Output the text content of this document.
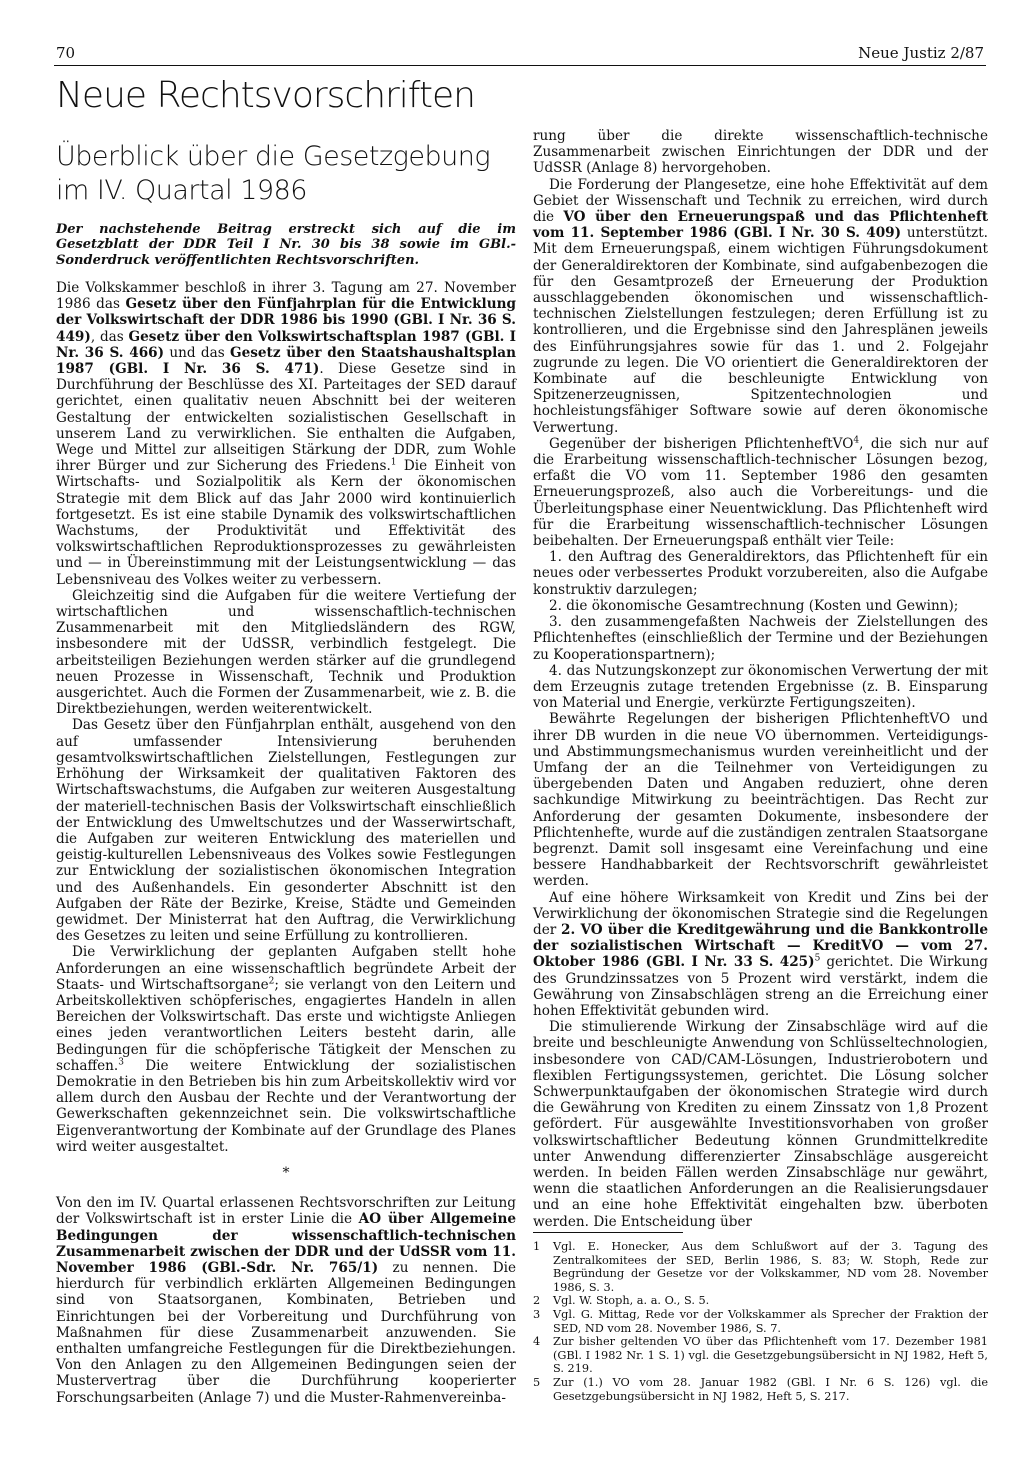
70	Neue Justiz 2/87
Neue Rechtsvorschriften
Überblick über die Gesetzgebung
im IV. Quartal 1986

Der nachstehende Beitrag erstreckt sich auf die im Gesetzblatt der DDR Teil I Nr. 30 bis 38 sowie im GBl.-Sonderdruck veröffentlichten Rechtsvorschriften.

Die Volkskammer beschloß in ihrer 3. Tagung am 27. November 1986 das Gesetz über den Fünfjahrplan für die Entwicklung der Volkswirtschaft der DDR 1986 bis 1990 (GBl. I Nr. 36 S. 449), das Gesetz über den Volkswirtschaftsplan 1987 (GBl. I Nr. 36 S. 466) und das Gesetz über den Staatshaushaltsplan 1987 (GBl. I Nr. 36 S. 471). Diese Gesetze sind in Durchführung der Beschlüsse des XI. Parteitages der SED darauf gerichtet, einen qualitativ neuen Abschnitt bei der weiteren Gestaltung der entwickelten sozialistischen Gesellschaft in unserem Land zu verwirklichen. Sie enthalten die Aufgaben, Wege und Mittel zur allseitigen Stärkung der DDR, zum Wohle ihrer Bürger und zur Sicherung des Friedens.$^1$ Die Einheit von Wirtschafts- und Sozialpolitik als Kern der ökonomischen Strategie mit dem Blick auf das Jahr 2000 wird kontinuierlich fortgesetzt. Es ist eine stabile Dynamik des volkswirtschaftlichen Wachstums, der Produktivität und Effektivität des volkswirtschaftlichen Reproduktionsprozesses zu gewährleisten und — in Übereinstimmung mit der Leistungsentwicklung — das Lebensniveau des Volkes weiter zu verbessern.

Gleichzeitig sind die Aufgaben für die weitere Vertiefung der wirtschaftlichen und wissenschaftlich-technischen Zusammenarbeit mit den Mitgliedsländern des RGW, insbesondere mit der UdSSR, verbindlich festgelegt. Die arbeitsteiligen Beziehungen werden stärker auf die grundlegend neuen Prozesse in Wissenschaft, Technik und Produktion ausgerichtet. Auch die Formen der Zusammenarbeit, wie z. B. die Direktbeziehungen, werden weiterentwickelt.

Das Gesetz über den Fünfjahrplan enthält, ausgehend von den auf umfassender Intensivierung beruhenden gesamtvolkswirtschaftlichen Zielstellungen, Festlegungen zur Erhöhung der Wirksamkeit der qualitativen Faktoren des Wirtschaftswachstums, die Aufgaben zur weiteren Ausgestaltung der materiell-technischen Basis der Volkswirtschaft einschließlich der Entwicklung des Umweltschutzes und der Wasserwirtschaft, die Aufgaben zur weiteren Entwicklung des materiellen und geistig-kulturellen Lebensniveaus des Volkes sowie Festlegungen zur Entwicklung der sozialistischen ökonomischen Integration und des Außenhandels. Ein gesonderter Abschnitt ist den Aufgaben der Räte der Bezirke, Kreise, Städte und Gemeinden gewidmet. Der Ministerrat hat den Auftrag, die Verwirklichung des Gesetzes zu leiten und seine Erfüllung zu kontrollieren.

Die Verwirklichung der geplanten Aufgaben stellt hohe Anforderungen an eine wissenschaftlich begründete Arbeit der Staats- und Wirtschaftsorgane$^2$; sie verlangt von den Leitern und Arbeitskollektiven schöpferisches, engagiertes Handeln in allen Bereichen der Volkswirtschaft. Das erste und wichtigste Anliegen eines jeden verantwortlichen Leiters besteht darin, alle Bedingungen für die schöpferische Tätigkeit der Menschen zu schaffen.$^3$ Die weitere Entwicklung der sozialistischen Demokratie in den Betrieben bis hin zum Arbeitskollektiv wird vor allem durch den Ausbau der Rechte und der Verantwortung der Gewerkschaften gekennzeichnet sein. Die volkswirtschaftliche Eigenverantwortung der Kombinate auf der Grundlage des Planes wird weiter ausgestaltet.

*

Von den im IV. Quartal erlassenen Rechtsvorschriften zur Leitung der Volkswirtschaft ist in erster Linie die AO über Allgemeine Bedingungen der wissenschaftlich-technischen Zusammenarbeit zwischen der DDR und der UdSSR vom 11. November 1986 (GBl.-Sdr. Nr. 765/1) zu nennen. Die hierdurch für verbindlich erklärten Allgemeinen Bedingungen sind von Staatsorganen, Kombinaten, Betrieben und Einrichtungen bei der Vorbereitung und Durchführung von Maßnahmen für diese Zusammenarbeit anzuwenden. Sie enthalten umfangreiche Festlegungen für die Direktbeziehungen. Von den Anlagen zu den Allgemeinen Bedingungen seien der Mustervertrag über die Durchführung kooperierter Forschungsarbeiten (Anlage 7) und die Muster-Rahmenvereinba-

rung über die direkte wissenschaftlich-technische Zusammenarbeit zwischen Einrichtungen der DDR und der UdSSR (Anlage 8) hervorgehoben.

Die Forderung der Plangesetze, eine hohe Effektivität auf dem Gebiet der Wissenschaft und Technik zu erreichen, wird durch die VO über den Erneuerungspaß und das Pflichtenheft vom 11. September 1986 (GBl. I Nr. 30 S. 409) unterstützt. Mit dem Erneuerungspaß, einem wichtigen Führungsdokument der Generaldirektoren der Kombinate, sind aufgabenbezogen die für den Gesamtprozeß der Erneuerung der Produktion ausschlaggebenden ökonomischen und wissenschaftlich-technischen Zielstellungen festzulegen; deren Erfüllung ist zu kontrollieren, und die Ergebnisse sind den Jahresplänen jeweils des Einführungsjahres sowie für das 1. und 2. Folgejahr zugrunde zu legen. Die VO orientiert die Generaldirektoren der Kombinate auf die beschleunigte Entwicklung von Spitzenerzeugnissen, Spitzentechnologien und hochleistungsfähiger Software sowie auf deren ökonomische Verwertung.

Gegenüber der bisherigen PflichtenheftVO$^4$, die sich nur auf die Erarbeitung wissenschaftlich-technischer Lösungen bezog, erfaßt die VO vom 11. September 1986 den gesamten Erneuerungsprozeß, also auch die Vorbereitungs- und die Überleitungsphase einer Neuentwicklung. Das Pflichtenheft wird für die Erarbeitung wissenschaftlich-technischer Lösungen beibehalten. Der Erneuerungspaß enthält vier Teile:

1. den Auftrag des Generaldirektors, das Pflichtenheft für ein neues oder verbessertes Produkt vorzubereiten, also die Aufgabe konstruktiv darzulegen;

2. die ökonomische Gesamtrechnung (Kosten und Gewinn);

3. den zusammengefaßten Nachweis der Zielstellungen des Pflichtenheftes (einschließlich der Termine und der Beziehungen zu Kooperationspartnern);

4. das Nutzungskonzept zur ökonomischen Verwertung der mit dem Erzeugnis zutage tretenden Ergebnisse (z. B. Einsparung von Material und Energie, verkürzte Fertigungszeiten).

Bewährte Regelungen der bisherigen PflichtenheftVO und ihrer DB wurden in die neue VO übernommen. Verteidigungs- und Abstimmungsmechanismus wurden vereinheitlicht und der Umfang der an die Teilnehmer von Verteidigungen zu übergebenden Daten und Angaben reduziert, ohne deren sachkundige Mitwirkung zu beeinträchtigen. Das Recht zur Anforderung der gesamten Dokumente, insbesondere der Pflichtenhefte, wurde auf die zuständigen zentralen Staatsorgane begrenzt. Damit soll insgesamt eine Vereinfachung und eine bessere Handhabbarkeit der Rechtsvorschrift gewährleistet werden.

Auf eine höhere Wirksamkeit von Kredit und Zins bei der Verwirklichung der ökonomischen Strategie sind die Regelungen der 2. VO über die Kreditgewährung und die Bankkontrolle der sozialistischen Wirtschaft — KreditVO — vom 27. Oktober 1986 (GBl. I Nr. 33 S. 425)$^5$ gerichtet. Die Wirkung des Grundzinssatzes von 5 Prozent wird verstärkt, indem die Gewährung von Zinsabschlägen streng an die Erreichung einer hohen Effektivität gebunden wird.

Die stimulierende Wirkung der Zinsabschläge wird auf die breite und beschleunigte Anwendung von Schlüsseltechnologien, insbesondere von CAD/CAM-Lösungen, Industrierobotern und flexiblen Fertigungssystemen, gerichtet. Die Lösung solcher Schwerpunktaufgaben der ökonomischen Strategie wird durch die Gewährung von Krediten zu einem Zinssatz von 1,8 Prozent gefördert. Für ausgewählte Investitionsvorhaben von großer volkswirtschaftlicher Bedeutung können Grundmittelkredite unter Anwendung differenzierter Zinsabschläge ausgereicht werden. In beiden Fällen werden Zinsabschläge nur gewährt, wenn die staatlichen Anforderungen an die Realisierungsdauer und an eine hohe Effektivität eingehalten bzw. überboten werden. Die Entscheidung über

1	Vgl. E. Honecker, Aus dem Schlußwort auf der 3. Tagung des Zentralkomitees der SED, Berlin 1986, S. 83; W. Stoph, Rede zur Begründung der Gesetze vor der Volkskammer, ND vom 28. November 1986, S. 3.
2	Vgl. W. Stoph, a. a. O., S. 5.
3	Vgl. G. Mittag, Rede vor der Volkskammer als Sprecher der Fraktion der SED, ND vom 28. November 1986, S. 7.
4	Zur bisher geltenden VO über das Pflichtenheft vom 17. Dezember 1981 (GBl. I 1982 Nr. 1 S. 1) vgl. die Gesetzgebungsübersicht in NJ 1982, Heft 5, S. 219.
5	Zur (1.) VO vom 28. Januar 1982 (GBl. I Nr. 6 S. 126) vgl. die Gesetzgebungsübersicht in NJ 1982, Heft 5, S. 217.
